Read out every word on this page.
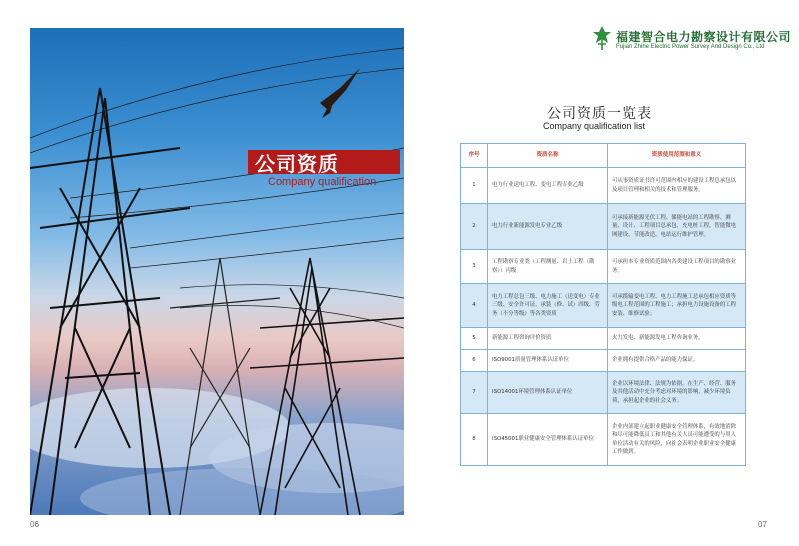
公司资质
Company qualification
06
福建智合电力勘察设计有限公司
Fujian Zhihe Electric Power Survey And Design Co., Ltd
公司资质一览表
Company qualification list
序号	资质名称	资质使用范围和意义
1	电力行业送电工程、变电工程专业乙级	可从事资质证书许可范围内相应的建设工程总承包以及项目管理和相关的技术和管理服务。
2	电力行业新能源发电专业乙级	可承接新能源光伏工程、储能电站的工程勘察、测量、设计、工程项目总承包，充电桩工程，智能微电网建设，节能改造，电站运行维护管理。
3	工程勘察专业类（工程测量、岩土工程（勘察））丙级	可承担本专业资质范围内各类建设工程项目的勘察业务。
4	电力工程总包三级、电力施工（送变电）专业三级、安全许可证、承装（修、试）四级、劳务（不分等级）等各类资质	可承揽输变电工程、电力工程施工总承包相应资质等级电工程范围的工程施工；承担电力设施设备的工程安装、维修试验；
5	新能源工程咨询评价资质	火力发电、新能源发电工程咨询业务。
6	ISO9001质量管理体系认证单位	企业拥有提供合格产品的能力保证。
7	ISO14001环境管理体系认证单位	企业以环境法律、法规为依据，在生产、经营、服务及其他活动中充分考虑对环境的影响，减少环境负荷，承担起企业的社会义务。
8	ISO45001职业健康安全管理体系认证单位	企业内部建立起职业健康安全管理体系，有效地消除和尽可能降低员工和其他有关人员可能遭受的与用人单位活动有关的风险，向社会表明企业职业安全健康工作做到。
07
